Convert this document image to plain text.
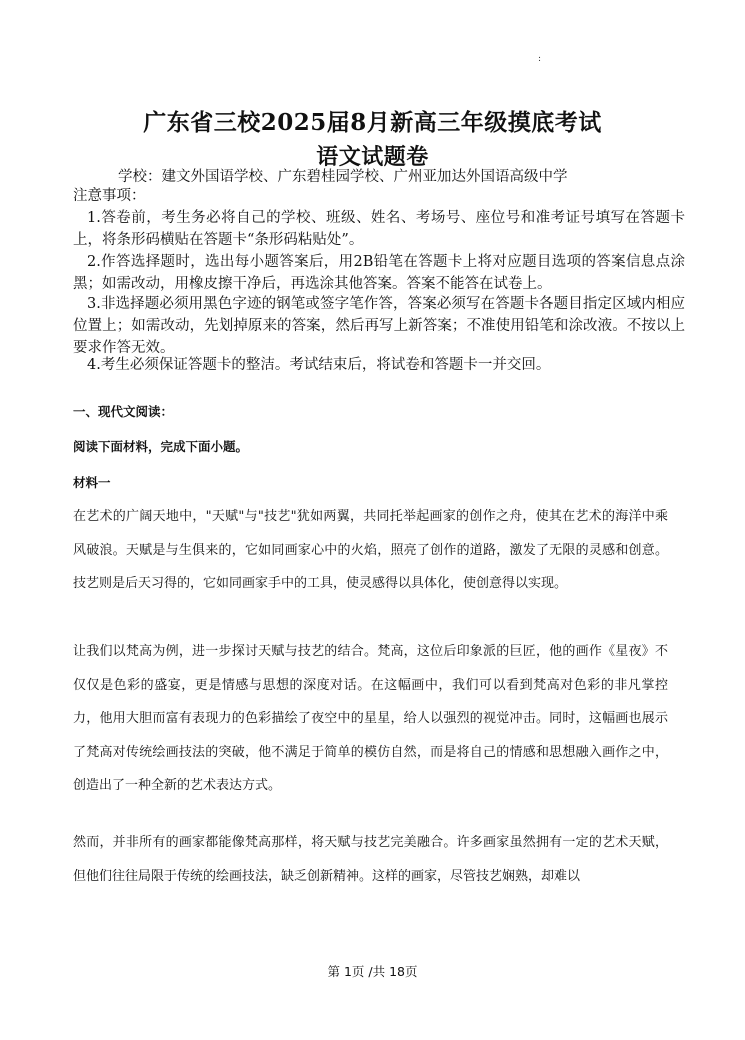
:
广东省三校2025届8月新高三年级摸底考试
语文试题卷
学校：建文外国语学校、广东碧桂园学校、广州亚加达外国语高级中学
注意事项：
1.答卷前，考生务必将自己的学校、班级、姓名、考场号、座位号和准考证号填写在答题卡上，将条形码横贴在答题卡“条形码粘贴处”。
2.作答选择题时，选出每小题答案后，用2B铅笔在答题卡上将对应题目选项的答案信息点涂黑；如需改动，用橡皮擦干净后，再选涂其他答案。答案不能答在试卷上。
3.非选择题必须用黑色字迹的钢笔或签字笔作答，答案必须写在答题卡各题目指定区域内相应位置上；如需改动，先划掉原来的答案，然后再写上新答案；不准使用铅笔和涂改液。不按以上要求作答无效。
4.考生必须保证答题卡的整洁。考试结束后，将试卷和答题卡一并交回。
一、现代文阅读：
阅读下面材料，完成下面小题。
材料一
在艺术的广阔天地中，"天赋"与"技艺"犹如两翼，共同托举起画家的创作之舟，使其在艺术的海洋中乘风破浪。天赋是与生俱来的，它如同画家心中的火焰，照亮了创作的道路，激发了无限的灵感和创意。技艺则是后天习得的，它如同画家手中的工具，使灵感得以具体化，使创意得以实现。
让我们以梵高为例，进一步探讨天赋与技艺的结合。梵高，这位后印象派的巨匠，他的画作《星夜》不仅仅是色彩的盛宴，更是情感与思想的深度对话。在这幅画中，我们可以看到梵高对色彩的非凡掌控力，他用大胆而富有表现力的色彩描绘了夜空中的星星，给人以强烈的视觉冲击。同时，这幅画也展示了梵高对传统绘画技法的突破，他不满足于简单的模仿自然，而是将自己的情感和思想融入画作之中，创造出了一种全新的艺术表达方式。
然而，并非所有的画家都能像梵高那样，将天赋与技艺完美融合。许多画家虽然拥有一定的艺术天赋，但他们往往局限于传统的绘画技法，缺乏创新精神。这样的画家，尽管技艺娴熟，却难以
第 1页 /共 18页
